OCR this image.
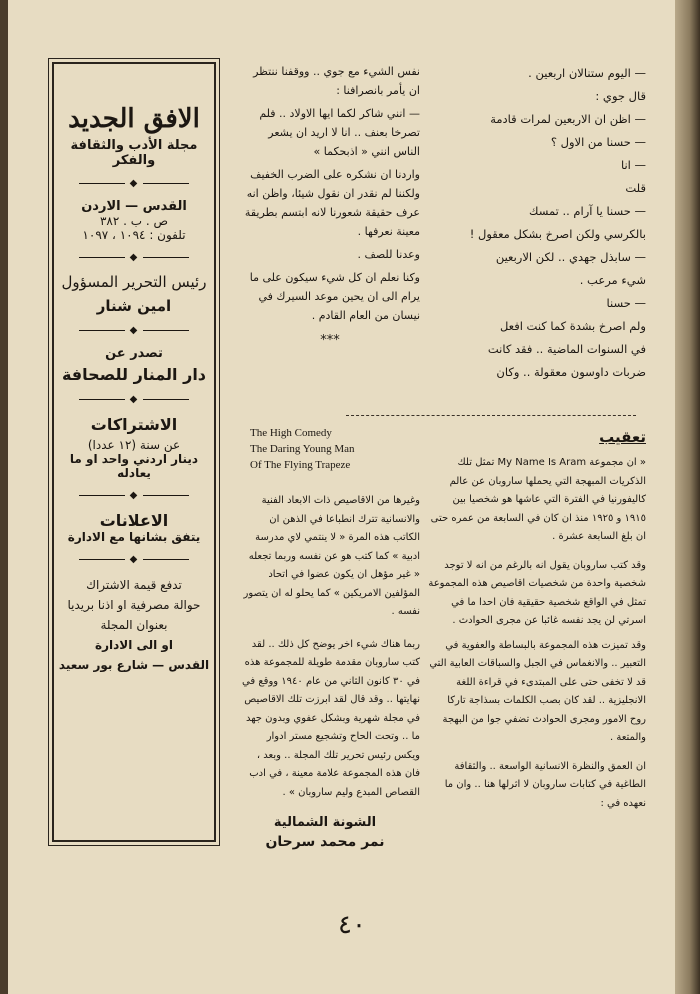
الافق الجديد
مجلة الأدب والثقافة والفكر
◆
القدس — الاردن
ص . ب . ٣٨٢
تلفون : ١٠٩٤ ، ١٠٩٧
◆
رئيس التحرير المسؤول
امين شنار
◆
تصدر عن
دار المنار للصحافة
◆
الاشتراكات
عن سنة (١٢ عددا)
دينار اردني واحد او ما يعادله
◆
الاعلانات
يتفق بشانها مع الادارة
◆
تدفع قيمة الاشتراك
حوالة مصرفية او اذنا بريديا
بعنوان المجلة
او الى الادارة
القدس — شارع بور سعيد

نفس الشيء مع جوي .. ووقفنا ننتظر ان يأمر بانصرافنا :

— انني شاكر لكما ايها الاولاد .. فلم تصرخا بعنف .. انا لا اريد ان يشعر الناس انني « اذبحكما »

واردنا ان نشكره على الضرب الخفيف ولكننا لم نقدر ان نقول شيئا، واظن انه عرف حقيقة شعورنا لانه ابتسم بطريقة معينة نعرفها .

وعدنا للصف .

وكنا نعلم ان كل شيء سيكون على ما يرام الى ان يحين موعد السيرك في نيسان من العام القادم .

***
— اليوم ستنالان اربعين .
قال جوي :
— اظن ان الاربعين لمرات قادمة
— حسنا من الاول ؟
— انا
قلت
— حسنا يا آرام .. تمسك
بالكرسي ولكن اصرخ بشكل معقول !
— سابذل جهدي .. لكن الاربعين
شيء مرعب .
— حسنا
ولم اصرخ بشدة كما كنت افعل
في السنوات الماضية .. فقد كانت
ضربات داوسون معقولة .. وكان
The High Comedy
The Daring Young Man
Of The Flying Trapeze

وغيرها من الاقاصيص ذات الابعاد الفنية والانسانية تترك انطباعا في الذهن ان الكاتب هذه المرة « لا ينتمي لاي مدرسة ادبية » كما كتب هو عن نفسه وربما تجعله « غير مؤهل ان يكون عضوا في اتحاد المؤلفين الامريكين » كما يحلو له ان يتصور نفسه .

ربما هناك شيء اخر يوضح كل ذلك .. لقد كتب ساروبان مقدمة طويلة للمجموعة هذه في ٣٠ كانون الثاني من عام ١٩٤٠ ووقع في نهايتها .. وقد قال لقد ابرزت تلك الاقاصيص في مجلة شهرية وبشكل عفوي وبدون جهد ما .. وتحت الحاح وتشجيع مستر ادوار ويكس رئيس تحرير تلك المجلة .. وبعد ، فان هذه المجموعة علامة معينة ، في ادب القصاص المبدع وليم ساروبان » .

الشونة الشمالية
نمر محمد سرحان
تعقيب
« ان مجموعة My Name Is Aram تمثل تلك الذكريات المبهجة التي يحملها ساروبان عن عالم كاليفورنيا في الفترة التي عاشها هو شخصيا بين ١٩١٥ و ١٩٢٥ منذ ان كان في السابعة من عمره حتى ان بلغ السابعة عشرة .
وقد كتب ساروبان يقول انه بالرغم من انه لا توجد شخصية واحدة من شخصيات اقاصيص هذه المجموعة تمثل في الواقع شخصية حقيقية فان احدا ما في اسرتي لن يجد نفسه غائبا عن مجرى الحوادث .
وقد تميزت هذه المجموعة بالبساطة والعفوية في التعبير .. والانغماس في الجبل والسباقات العابية التي قد لا تخفى حتى على المبتدىء في قراءة اللغة الانجليزية .. لقد كان بصب الكلمات بسذاجة تاركا روح الامور ومجرى الحوادث تضفي جوا من البهجة والمتعة .
ان العمق والنظرة الانسانية الواسعة .. والثقافة الطاغية في كتابات ساروبان لا اثرلها هنا .. وان ما نعهده في :
٤٠
